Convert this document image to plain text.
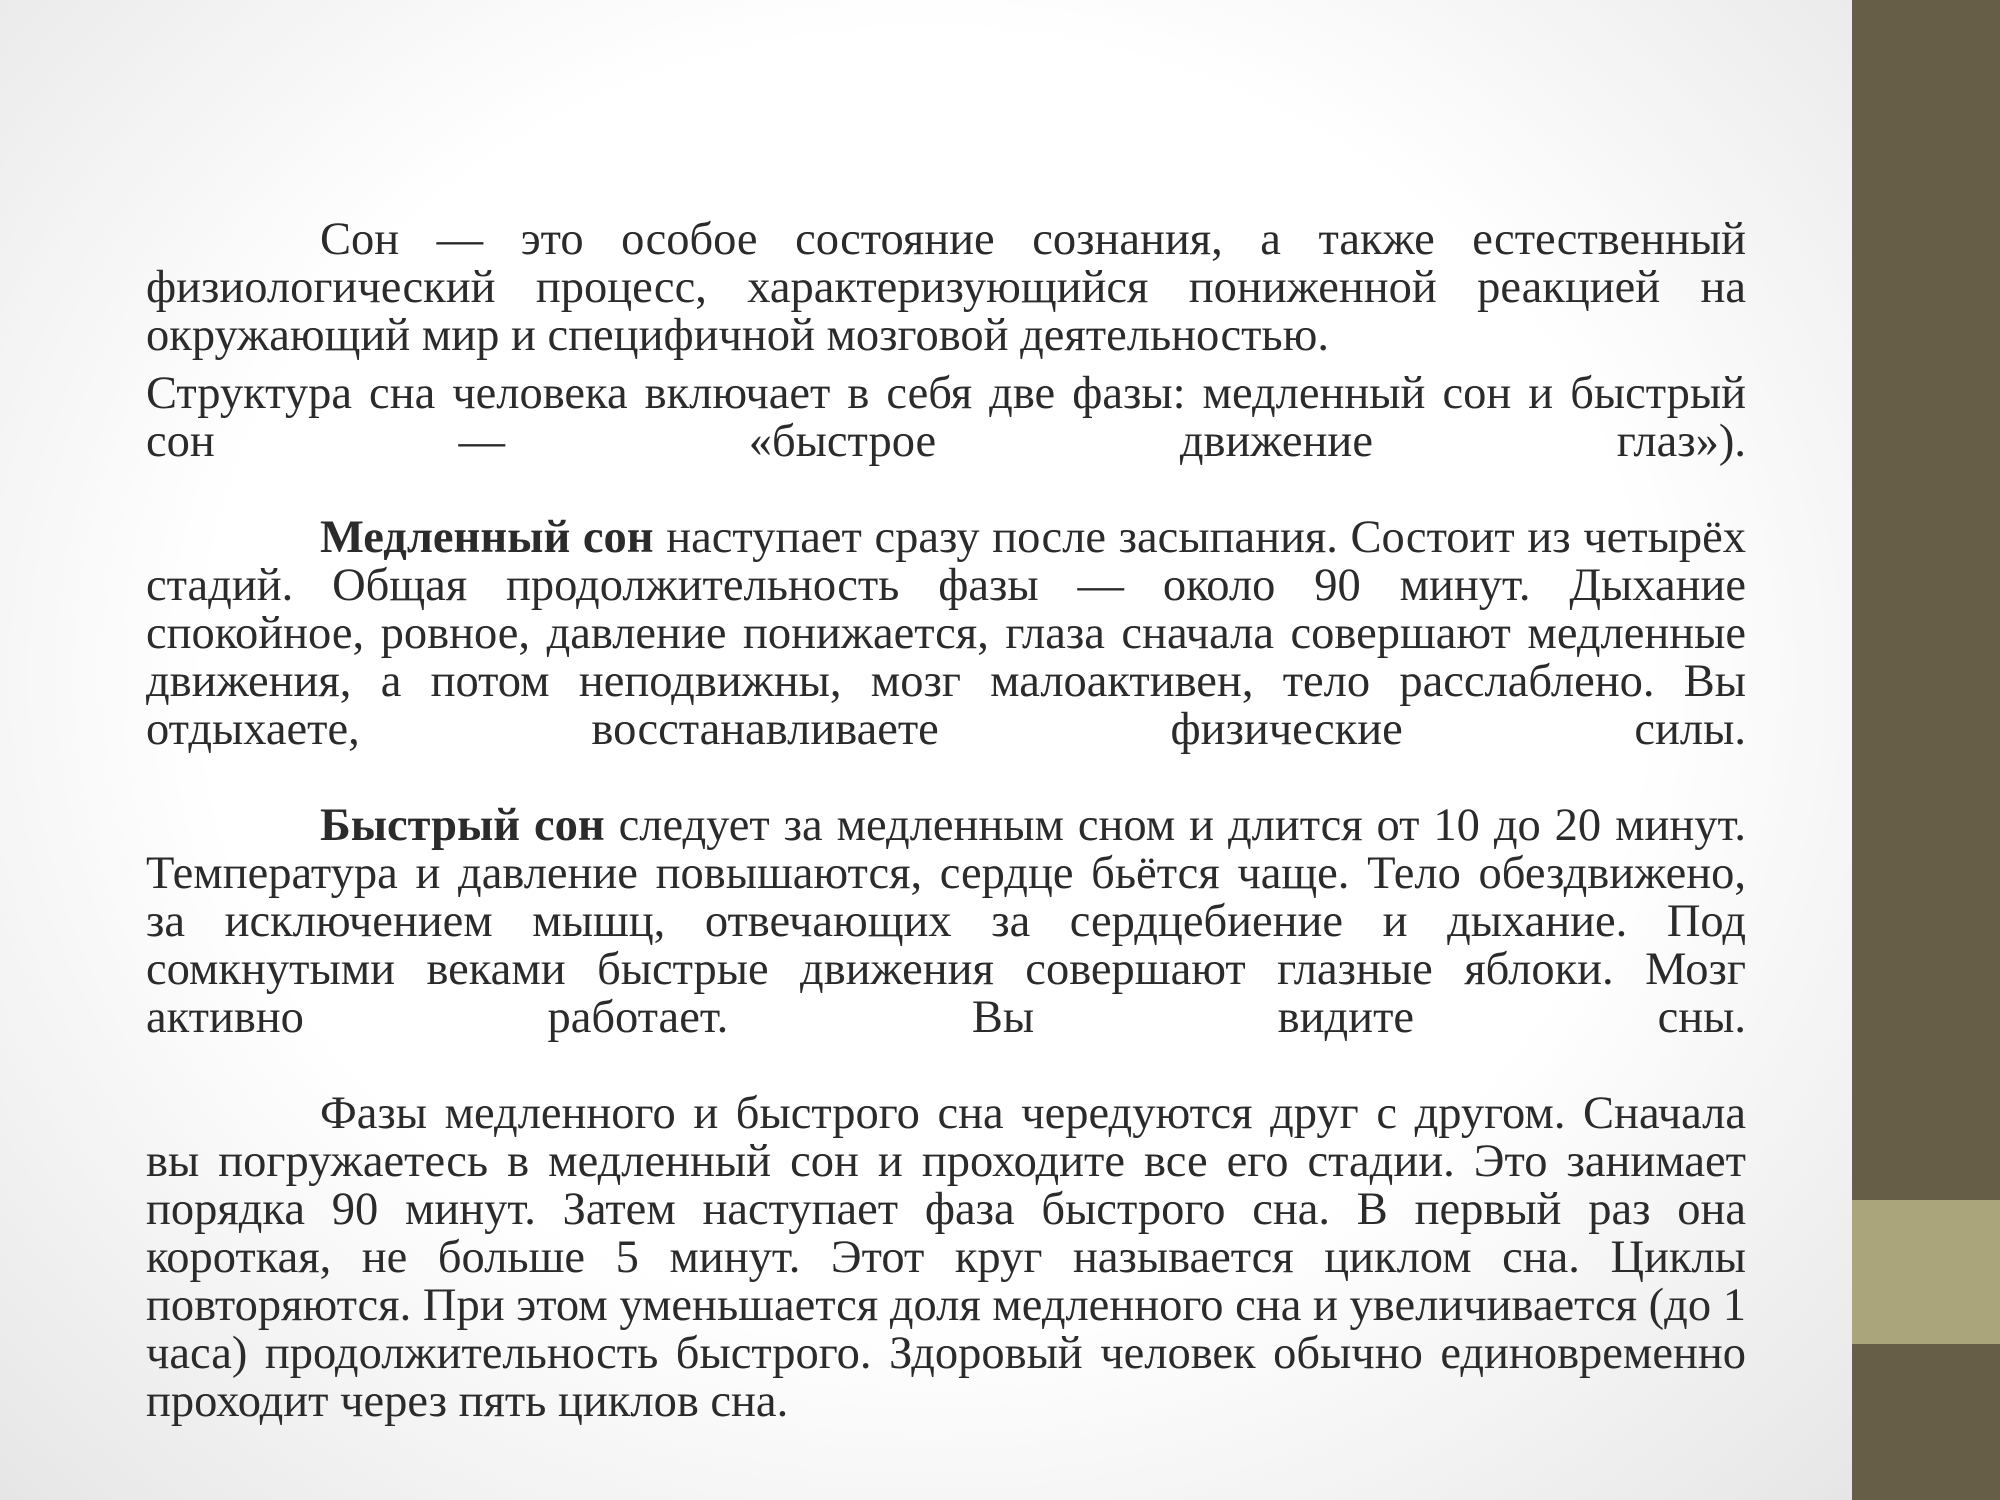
Сон — это особое состояние сознания, а также естественный физиологический процесс, характеризующийся пониженной реакцией на окружающий мир и специфичной мозговой деятельностью.

Структура сна человека включает в себя две фазы: медленный сон и быстрый сон — «быстрое движение глаз»).

Медленный сон наступает сразу после засыпания. Состоит из четырёх стадий. Общая продолжительность фазы — около 90 минут. Дыхание спокойное, ровное, давление понижается, глаза сначала совершают медленные движения, а потом неподвижны, мозг малоактивен, тело расслаблено. Вы отдыхаете, восстанавливаете физические силы.

Быстрый сон следует за медленным сном и длится от 10 до 20 минут. Температура и давление повышаются, сердце бьётся чаще. Тело обездвижено, за исключением мышц, отвечающих за сердцебиение и дыхание. Под сомкнутыми веками быстрые движения совершают глазные яблоки. Мозг активно работает. Вы видите сны.

Фазы медленного и быстрого сна чередуются друг с другом. Сначала вы погружаетесь в медленный сон и проходите все его стадии. Это занимает порядка 90 минут. Затем наступает фаза быстрого сна. В первый раз она короткая, не больше 5 минут. Этот круг называется циклом сна. Циклы повторяются. При этом уменьшается доля медленного сна и увеличивается (до 1 часа) продолжительность быстрого. Здоровый человек обычно единовременно проходит через пять циклов сна.
